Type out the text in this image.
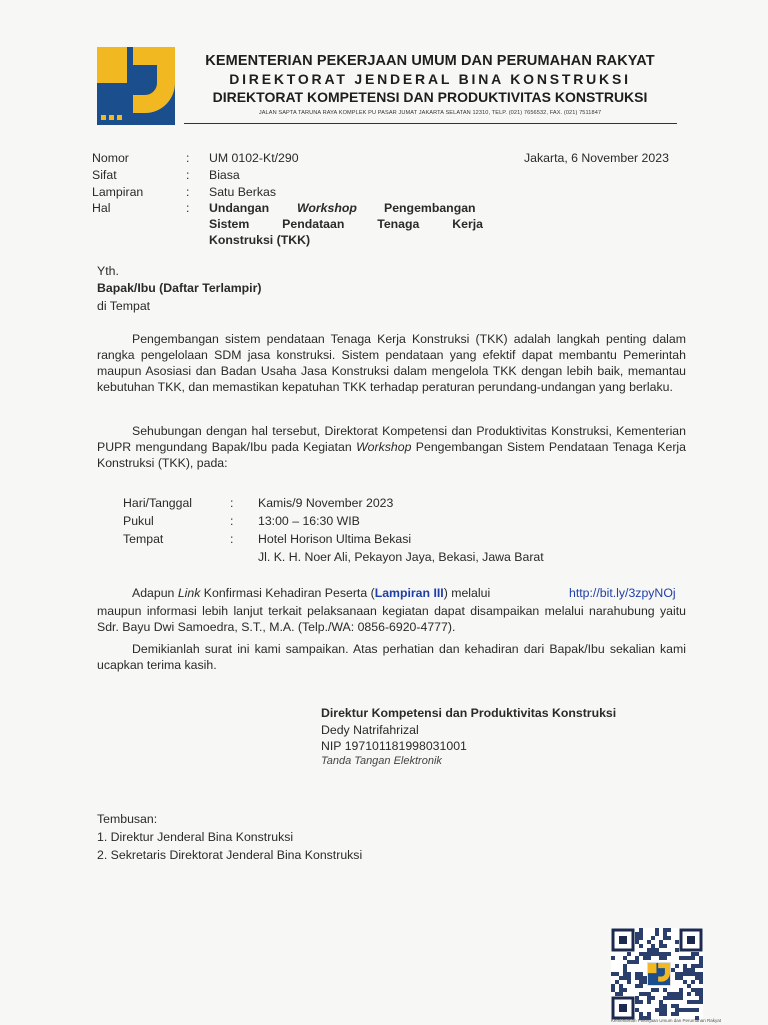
KEMENTERIAN PEKERJAAN UMUM DAN PERUMAHAN RAKYAT
DIREKTORAT JENDERAL BINA KONSTRUKSI
DIREKTORAT KOMPETENSI DAN PRODUKTIVITAS KONSTRUKSI
JALAN SAPTA TARUNA RAYA KOMPLEK PU PASAR JUMAT JAKARTA SELATAN 12310, TELP. (021) 7656532, FAX. (021) 7511847
Nomor	: UM 0102-Kt/290	Jakarta, 6 November 2023
Sifat	: Biasa
Lampiran	: Satu Berkas
Hal	: Undangan Workshop Pengembangan
Sistem Pendataan Tenaga Kerja
Konstruksi (TKK)
Yth.
Bapak/Ibu (Daftar Terlampir)
di Tempat
Pengembangan sistem pendataan Tenaga Kerja Konstruksi (TKK) adalah langkah penting dalam rangka pengelolaan SDM jasa konstruksi. Sistem pendataan yang efektif dapat membantu Pemerintah maupun Asosiasi dan Badan Usaha Jasa Konstruksi dalam mengelola TKK dengan lebih baik, memantau kebutuhan TKK, dan memastikan kepatuhan TKK terhadap peraturan perundang-undangan yang berlaku.
Sehubungan dengan hal tersebut, Direktorat Kompetensi dan Produktivitas Konstruksi, Kementerian PUPR mengundang Bapak/Ibu pada Kegiatan Workshop Pengembangan Sistem Pendataan Tenaga Kerja Konstruksi (TKK), pada:
Hari/Tanggal	: Kamis/9 November 2023
Pukul	: 13:00 – 16:30 WIB
Tempat	: Hotel Horison Ultima Bekasi
Jl. K. H. Noer Ali, Pekayon Jaya, Bekasi, Jawa Barat
Adapun Link Konfirmasi Kehadiran Peserta (Lampiran III) melalui	http://bit.ly/3zpyNOj
maupun informasi lebih lanjut terkait pelaksanaan kegiatan dapat disampaikan melalui narahubung yaitu Sdr. Bayu Dwi Samoedra, S.T., M.A. (Telp./WA: 0856-6920-4777).
Demikianlah surat ini kami sampaikan. Atas perhatian dan kehadiran dari Bapak/Ibu sekalian kami ucapkan terima kasih.
Direktur Kompetensi dan Produktivitas Konstruksi
Dedy Natrifahrizal
NIP 197101181998031001
Tanda Tangan Elektronik
Tembusan:
1. Direktur Jenderal Bina Konstruksi
2. Sekretaris Direktorat Jenderal Bina Konstruksi
Kementerian Pekerjaan Umum dan Perumahan Rakyat
